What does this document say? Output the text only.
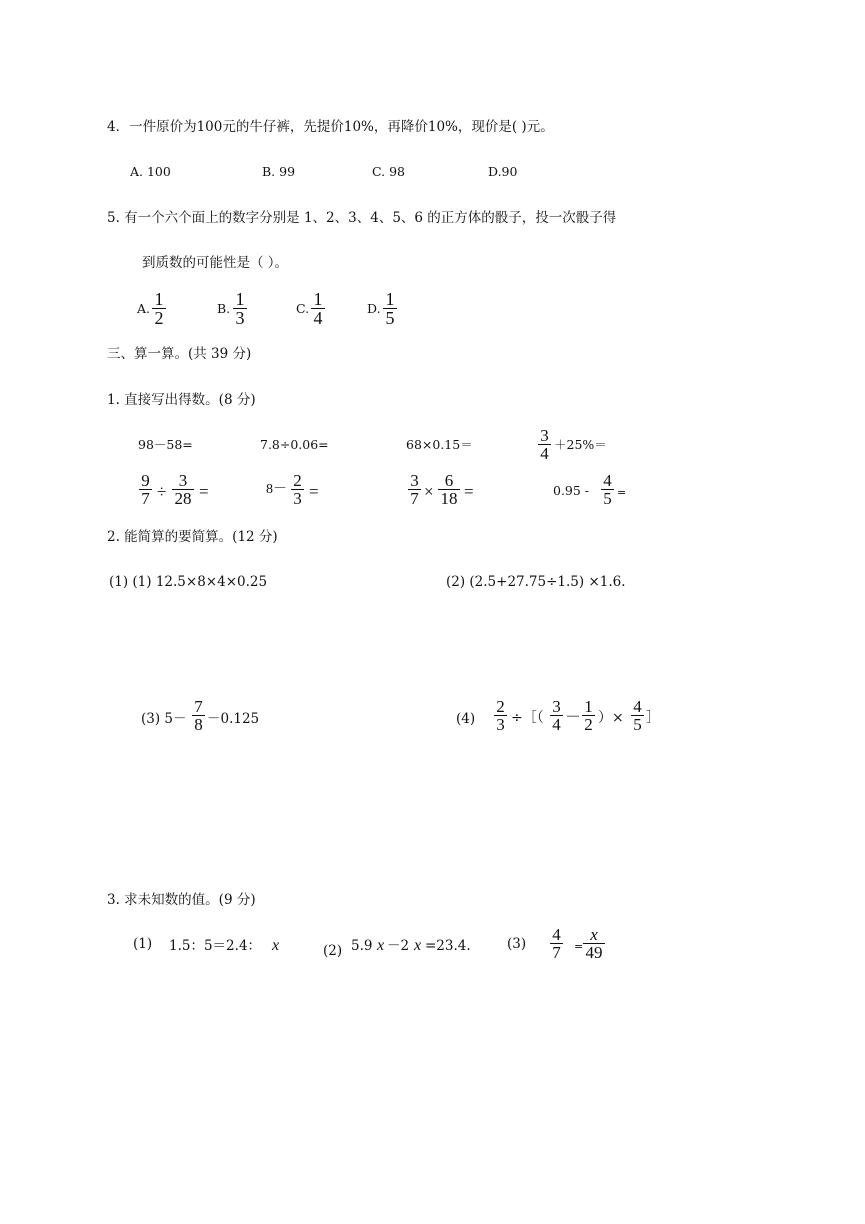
4．一件原价为100元的牛仔裤，先提价10%，再降价10%，现价是( )元。
A. 100	B. 99	C. 98	D.90
5. 有一个六个面上的数字分别是 1、2、3、4、5、6 的正方体的骰子，投一次骰子得
到质数的可能性是（ ）。
A. 1
2	B. 1
3	C. 1
4	D. 1
5
三、算一算。(共 39 分)
1. 直接写出得数。(8 分)
98－58=	7.8÷0.06=	68×0.15＝	3
4 ＋25%＝
9
7 ÷
3
28 =	8－ 2
3 =
3
7 ×
6
18 =	0.95 -
4
5 =
2. 能简算的要简算。(12 分)
(1) (1) 12.5×8×4×0.25	(2) (2.5+27.75÷1.5) ×1.6.
(3) 5－
7
8 －0.125	(4)
2
3 ÷［（
3
4 －
1
2 ）×
4
5 ］
3. 求未知数的值。(9 分)
(1) 1.5：5＝2.4： x	(2) 5.9 x －2 x =23.4.	(3) 4
7 =
x
49
